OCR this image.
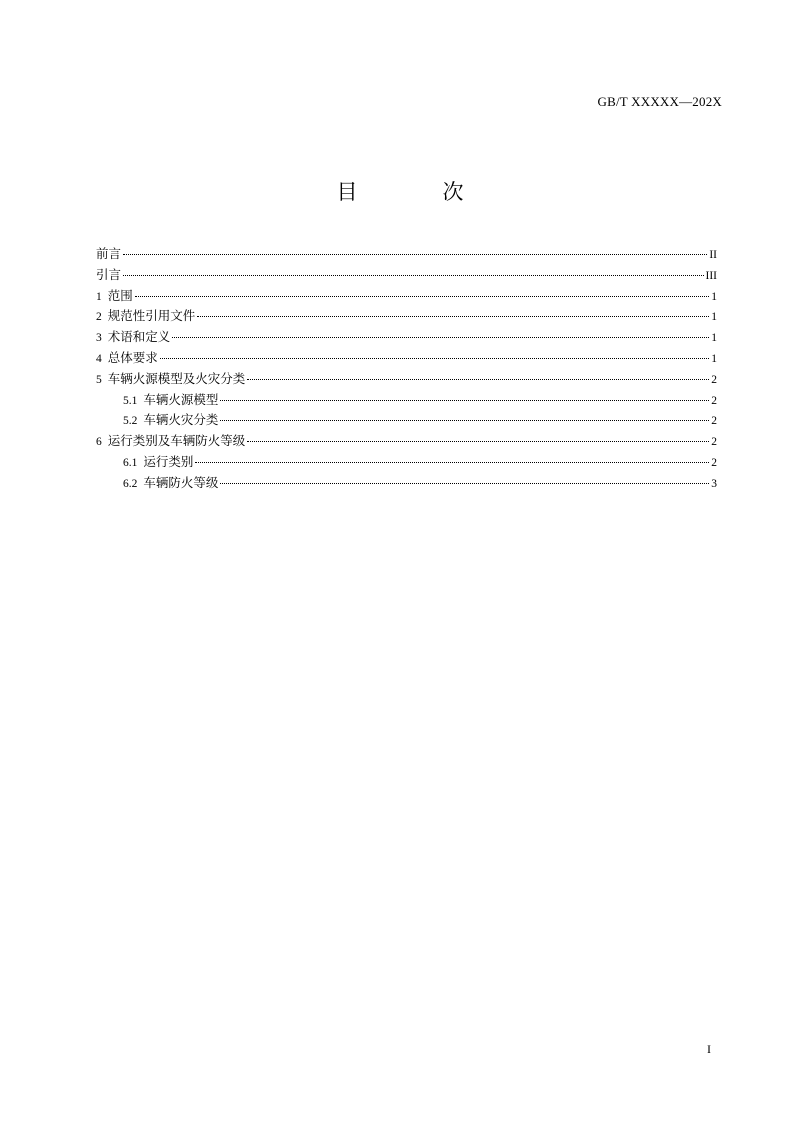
GB/T XXXXX—202X
目　次
前言	II
引言	III
1 范围	1
2 规范性引用文件	1
3 术语和定义	1
4 总体要求	1
5 车辆火源模型及火灾分类	2
5.1 车辆火源模型	2
5.2 车辆火灾分类	2
6 运行类别及车辆防火等级	2
6.1 运行类别	2
6.2 车辆防火等级	3
I
